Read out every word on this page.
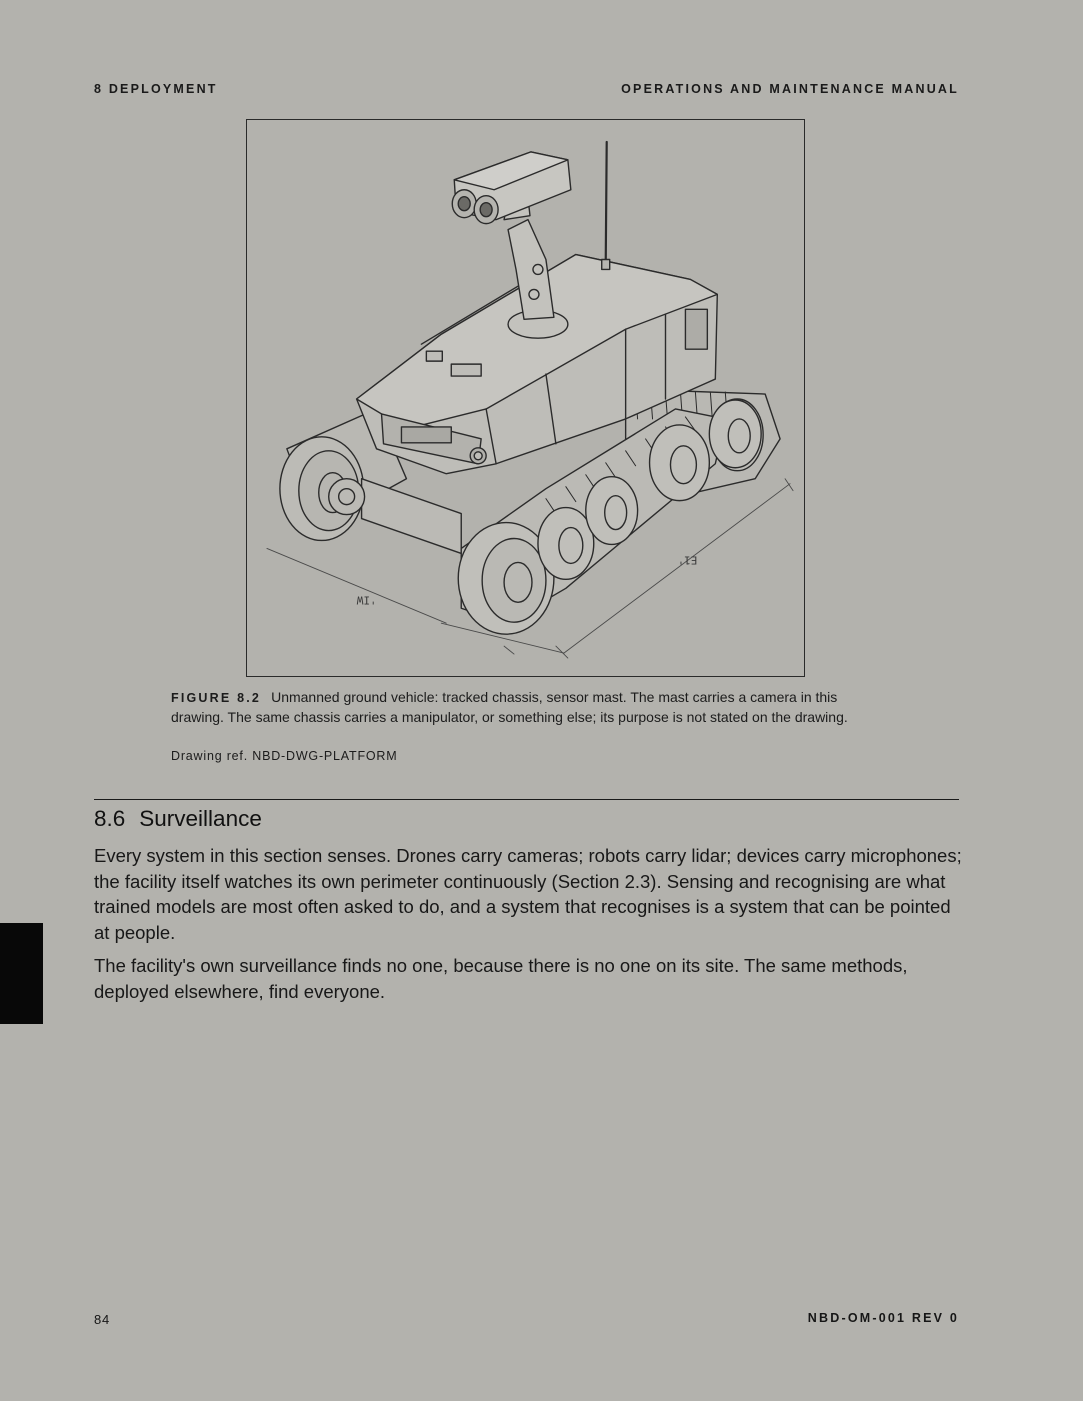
8 DEPLOYMENT	OPERATIONS AND MAINTENANCE MANUAL
'IW
E1'
FIGURE 8.2 Unmanned ground vehicle: tracked chassis, sensor mast. The mast carries a camera in this drawing. The same chassis carries a manipulator, or something else; its purpose is not stated on the drawing.
Drawing ref. NBD-DWG-PLATFORM
8.6 Surveillance

Every system in this section senses. Drones carry cameras; robots carry lidar; devices carry microphones; the facility itself watches its own perimeter continuously (Section 2.3). Sensing and recognising are what trained models are most often asked to do, and a system that recognises is a system that can be pointed at people.

The facility's own surveillance finds no one, because there is no one on its site. The same methods, deployed elsewhere, find everyone.

84	NBD-OM-001 REV 0
